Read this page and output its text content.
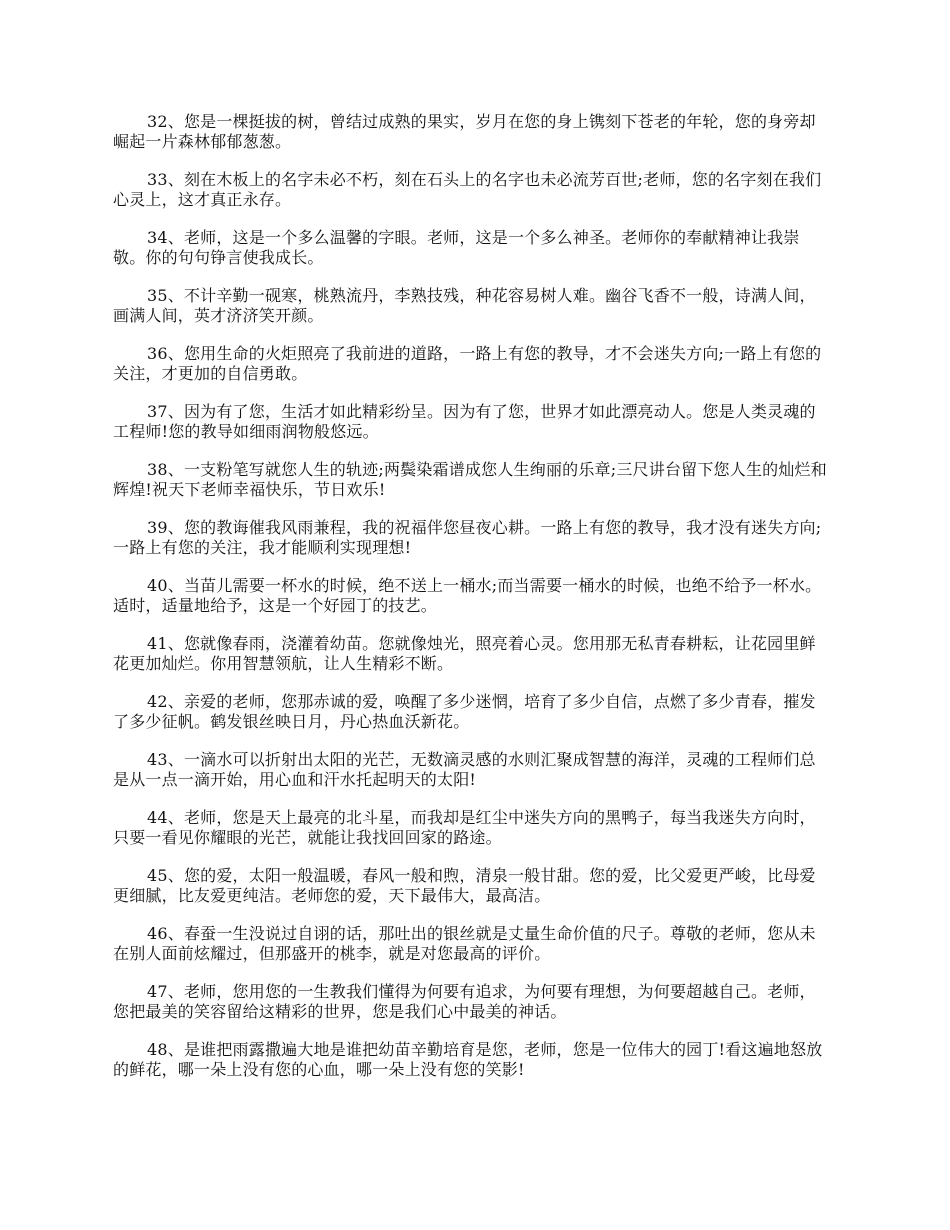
32、您是一棵挺拔的树，曾结过成熟的果实，岁月在您的身上镌刻下苍老的年轮，您的身旁却崛起一片森林郁郁葱葱。

33、刻在木板上的名字未必不朽，刻在石头上的名字也未必流芳百世;老师，您的名字刻在我们心灵上，这才真正永存。

34、老师，这是一个多么温馨的字眼。老师，这是一个多么神圣。老师你的奉献精神让我崇敬。你的句句铮言使我成长。

35、不计辛勤一砚寒，桃熟流丹，李熟技残，种花容易树人难。幽谷飞香不一般，诗满人间，画满人间，英才济济笑开颜。

36、您用生命的火炬照亮了我前进的道路，一路上有您的教导，才不会迷失方向;一路上有您的关注，才更加的自信勇敢。

37、因为有了您，生活才如此精彩纷呈。因为有了您，世界才如此漂亮动人。您是人类灵魂的工程师!您的教导如细雨润物般悠远。

38、一支粉笔写就您人生的轨迹;两鬓染霜谱成您人生绚丽的乐章;三尺讲台留下您人生的灿烂和辉煌!祝天下老师幸福快乐，节日欢乐!

39、您的教诲催我风雨兼程，我的祝福伴您昼夜心耕。一路上有您的教导，我才没有迷失方向;一路上有您的关注，我才能顺利实现理想!

40、当苗儿需要一杯水的时候，绝不送上一桶水;而当需要一桶水的时候，也绝不给予一杯水。适时，适量地给予，这是一个好园丁的技艺。

41、您就像春雨，浇灌着幼苗。您就像烛光，照亮着心灵。您用那无私青春耕耘，让花园里鲜花更加灿烂。你用智慧领航，让人生精彩不断。

42、亲爱的老师，您那赤诚的爱，唤醒了多少迷惘，培育了多少自信，点燃了多少青春，摧发了多少征帆。鹤发银丝映日月，丹心热血沃新花。

43、一滴水可以折射出太阳的光芒，无数滴灵感的水则汇聚成智慧的海洋，灵魂的工程师们总是从一点一滴开始，用心血和汗水托起明天的太阳!

44、老师，您是天上最亮的北斗星，而我却是红尘中迷失方向的黑鸭子，每当我迷失方向时，只要一看见你耀眼的光芒，就能让我找回回家的路途。

45、您的爱，太阳一般温暖，春风一般和煦，清泉一般甘甜。您的爱，比父爱更严峻，比母爱更细腻，比友爱更纯洁。老师您的爱，天下最伟大，最高洁。

46、春蚕一生没说过自诩的话，那吐出的银丝就是丈量生命价值的尺子。尊敬的老师，您从未在别人面前炫耀过，但那盛开的桃李，就是对您最高的评价。

47、老师，您用您的一生教我们懂得为何要有追求，为何要有理想，为何要超越自己。老师，您把最美的笑容留给这精彩的世界，您是我们心中最美的神话。

48、是谁把雨露撒遍大地是谁把幼苗辛勤培育是您，老师，您是一位伟大的园丁!看这遍地怒放的鲜花，哪一朵上没有您的心血，哪一朵上没有您的笑影!
